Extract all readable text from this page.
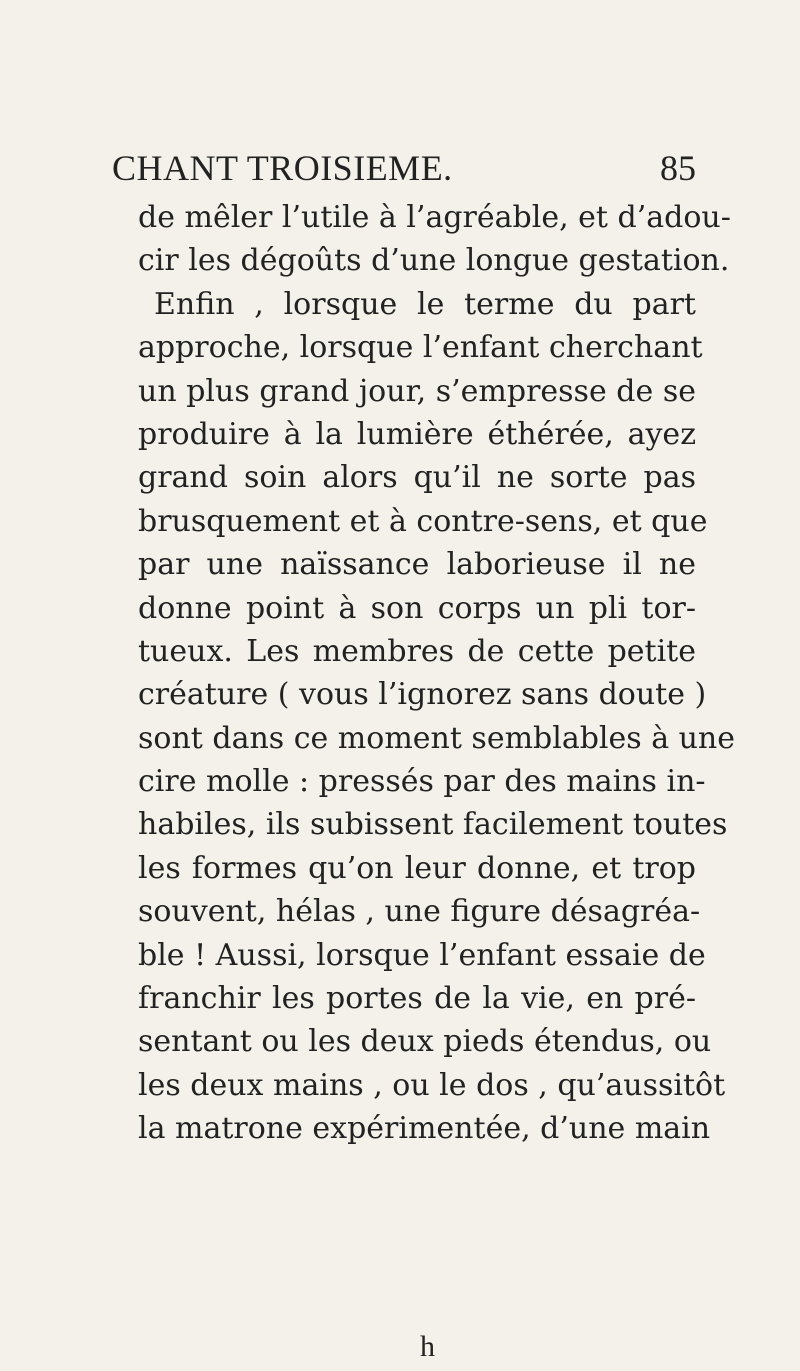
CHANT TROISIEME.	85
de mêler l’utile à l’agréable, et d’adou-
cir les dégoûts d’une longue gestation.
Enfin , lorsque le terme du part
approche, lorsque l’enfant cherchant
un plus grand jour, s’empresse de se
produire à la lumière éthérée, ayez
grand soin alors qu’il ne sorte pas
brusquement et à contre-sens, et que
par une naïssance laborieuse il ne
donne point à son corps un pli tor-
tueux. Les membres de cette petite
créature ( vous l’ignorez sans doute )
sont dans ce moment semblables à une
cire molle : pressés par des mains in-
habiles, ils subissent facilement toutes
les formes qu’on leur donne, et trop
souvent, hélas , une figure désagréa-
ble ! Aussi, lorsque l’enfant essaie de
franchir les portes de la vie, en pré-
sentant ou les deux pieds étendus, ou
les deux mains , ou le dos , qu’aussitôt
la matrone expérimentée, d’une main
h
